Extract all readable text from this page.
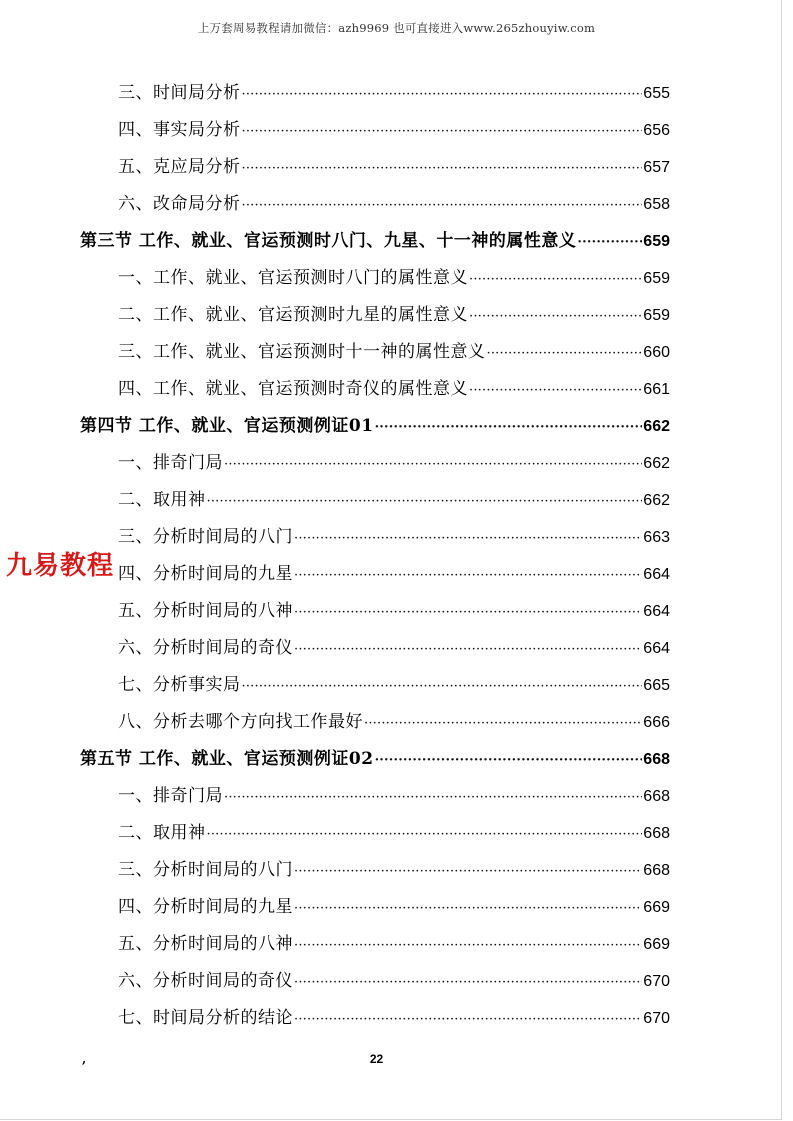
上万套周易教程请加微信：azh9969 也可直接进入www.265zhouyiw.com
三、时间局分析 ·····	655
四、事实局分析 ·····	656
五、克应局分析 ·····	657
六、改命局分析 ·····	658
第三节 工作、就业、官运预测时八门、九星、十一神的属性意义 ·····	659
一、工作、就业、官运预测时八门的属性意义 ·····	659
二、工作、就业、官运预测时九星的属性意义 ·····	659
三、工作、就业、官运预测时十一神的属性意义 ·····	660
四、工作、就业、官运预测时奇仪的属性意义 ·····	661
第四节 工作、就业、官运预测例证01 ·····	662
一、排奇门局 ·····	662
二、取用神 ·····	662
三、分析时间局的八门 ·····	663
四、分析时间局的九星 ·····	664
五、分析时间局的八神 ·····	664
六、分析时间局的奇仪 ·····	664
七、分析事实局 ·····	665
八、分析去哪个方向找工作最好 ·····	666
第五节 工作、就业、官运预测例证02 ·····	668
一、排奇门局 ·····	668
二、取用神 ·····	668
三、分析时间局的八门 ·····	668
四、分析时间局的九星 ·····	669
五、分析时间局的八神 ·····	669
六、分析时间局的奇仪 ·····	670
七、时间局分析的结论 ·····	670
九易教程
,	22
